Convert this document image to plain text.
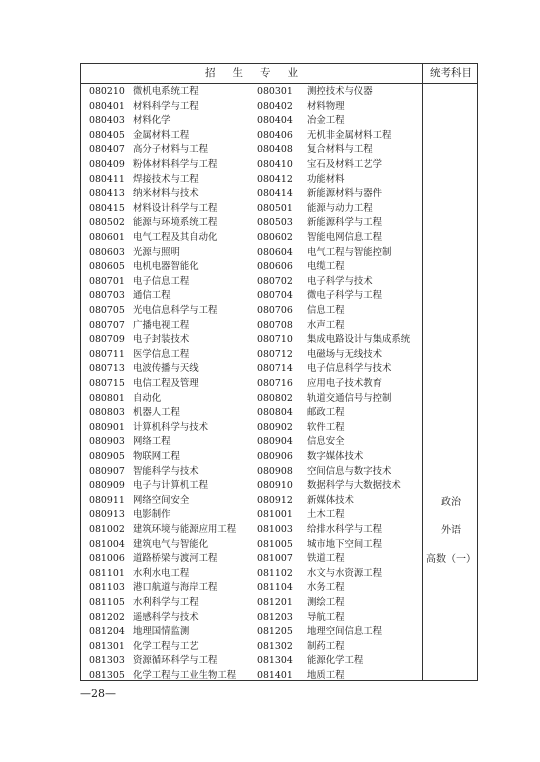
招生专业	统考科目
080210 微机电系统工程	080301 测控技术与仪器
080401 材料科学与工程	080402 材料物理
080403 材料化学	080404 冶金工程
080405 金属材料工程	080406 无机非金属材料工程
080407 高分子材料与工程	080408 复合材料与工程
080409 粉体材料科学与工程	080410 宝石及材料工艺学
080411 焊接技术与工程	080412 功能材料
080413 纳米材料与技术	080414 新能源材料与器件
080415 材料设计科学与工程	080501 能源与动力工程
080502 能源与环境系统工程	080503 新能源科学与工程
080601 电气工程及其自动化	080602 智能电网信息工程
080603 光源与照明	080604 电气工程与智能控制
080605 电机电器智能化	080606 电缆工程
080701 电子信息工程	080702 电子科学与技术
080703 通信工程	080704 微电子科学与工程
080705 光电信息科学与工程	080706 信息工程
080707 广播电视工程	080708 水声工程
080709 电子封装技术	080710 集成电路设计与集成系统
080711 医学信息工程	080712 电磁场与无线技术
080713 电波传播与天线	080714 电子信息科学与技术
080715 电信工程及管理	080716 应用电子技术教育
080801 自动化	080802 轨道交通信号与控制
080803 机器人工程	080804 邮政工程
080901 计算机科学与技术	080902 软件工程
080903 网络工程	080904 信息安全
080905 物联网工程	080906 数字媒体技术
080907 智能科学与技术	080908 空间信息与数字技术
080909 电子与计算机工程	080910 数据科学与大数据技术
080911 网络空间安全	080912 新媒体技术
080913 电影制作	081001 土木工程
081002 建筑环境与能源应用工程 081003 给排水科学与工程
081004 建筑电气与智能化	081005 城市地下空间工程
081006 道路桥梁与渡河工程	081007 铁道工程
081101 水利水电工程	081102 水文与水资源工程
081103 港口航道与海岸工程	081104 水务工程
081105 水利科学与工程	081201 测绘工程
081202 遥感科学与技术	081203 导航工程
081204 地理国情监测	081205 地理空间信息工程
081301 化学工程与工艺	081302 制药工程
081303 资源循环科学与工程	081304 能源化学工程
081305 化学工程与工业生物工程 081401 地质工程
政治
外语
高数（一）
—28—
